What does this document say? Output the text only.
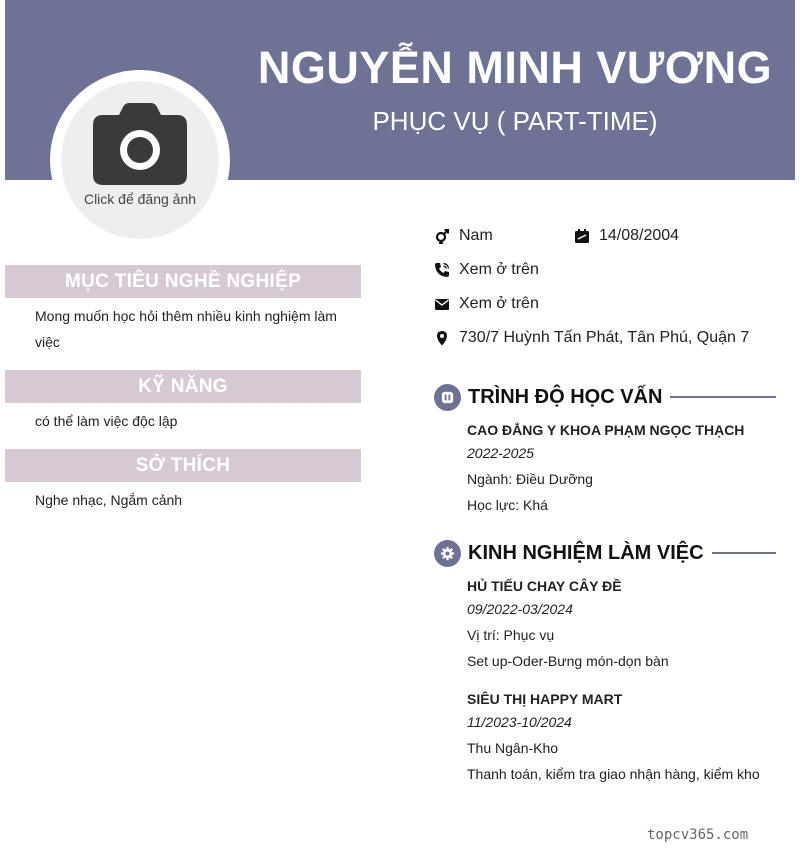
NGUYỄN MINH VƯƠNG
PHỤC VỤ ( PART-TIME)
Click để đăng ảnh
MỤC TIÊU NGHỀ NGHIỆP
Mong muốn học hỏi thêm nhiều kinh nghiệm làm việc
KỸ NĂNG
có thể làm việc độc lập
SỞ THÍCH
Nghe nhạc, Ngắm cảnh
Nam	14/08/2004
Xem ở trên
Xem ở trên
730/7 Huỳnh Tấn Phát, Tân Phú, Quận 7
TRÌNH ĐỘ HỌC VẤN
CAO ĐẲNG Y KHOA PHẠM NGỌC THẠCH
2022-2025
Ngành: Điều Dưỡng
Học lực: Khá
KINH NGHIỆM LÀM VIỆC
HỦ TIẾU CHAY CÂY ĐỀ
09/2022-03/2024
Vị trí: Phục vụ
Set up-Oder-Bưng món-dọn bàn
SIÊU THỊ HAPPY MART
11/2023-10/2024
Thu Ngân-Kho
Thanh toán, kiểm tra giao nhận hàng, kiểm kho
topcv365.com
